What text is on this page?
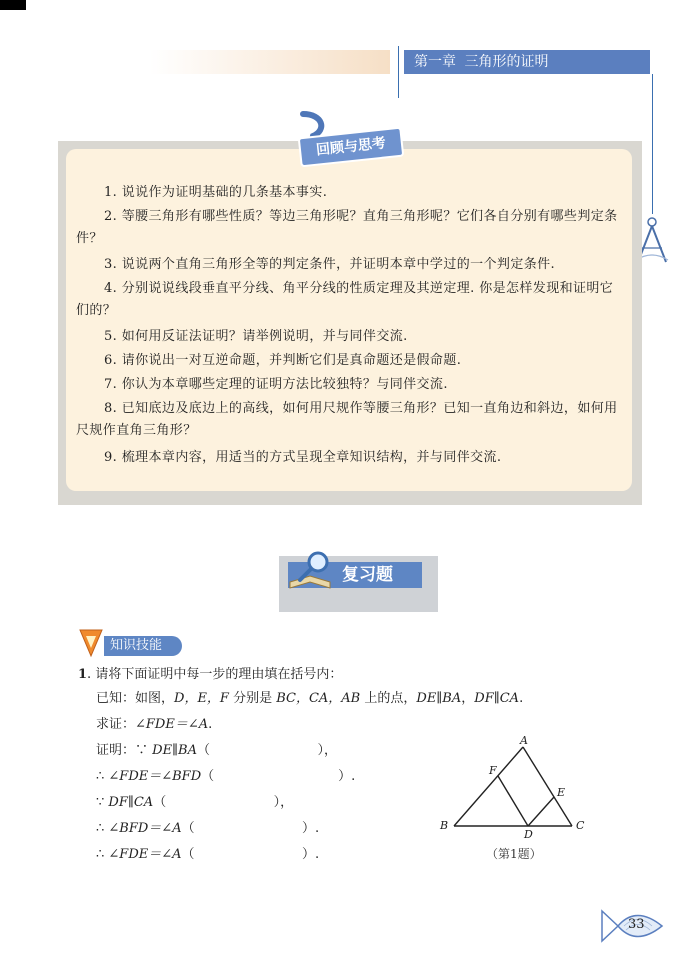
第一章 三角形的证明
回顾与思考
1. 说说作为证明基础的几条基本事实.
2. 等腰三角形有哪些性质？等边三角形呢？直角三角形呢？它们各自分别有哪些判定条件？
3. 说说两个直角三角形全等的判定条件，并证明本章中学过的一个判定条件.
4. 分别说说线段垂直平分线、角平分线的性质定理及其逆定理. 你是怎样发现和证明它们的？
5. 如何用反证法证明？请举例说明，并与同伴交流.
6. 请你说出一对互逆命题，并判断它们是真命题还是假命题.
7. 你认为本章哪些定理的证明方法比较独特？与同伴交流.
8. 已知底边及底边上的高线，如何用尺规作等腰三角形？已知一直角边和斜边，如何用尺规作直角三角形？
9. 梳理本章内容，用适当的方式呈现全章知识结构，并与同伴交流.
复习题
知识技能
1. 请将下面证明中每一步的理由填在括号内：
已知：如图，D，E，F 分别是 BC，CA，AB 上的点，DE∥BA，DF∥CA.
求证：∠FDE＝∠A.
证明：∵ DE∥BA（                          ），
∴ ∠FDE＝∠BFD（                              ）.
∵ DF∥CA（                          ），
∴ ∠BFD＝∠A（                          ）.
∴ ∠FDE＝∠A（                          ）.
A
B	C
D
E
F
（第1题）
33
